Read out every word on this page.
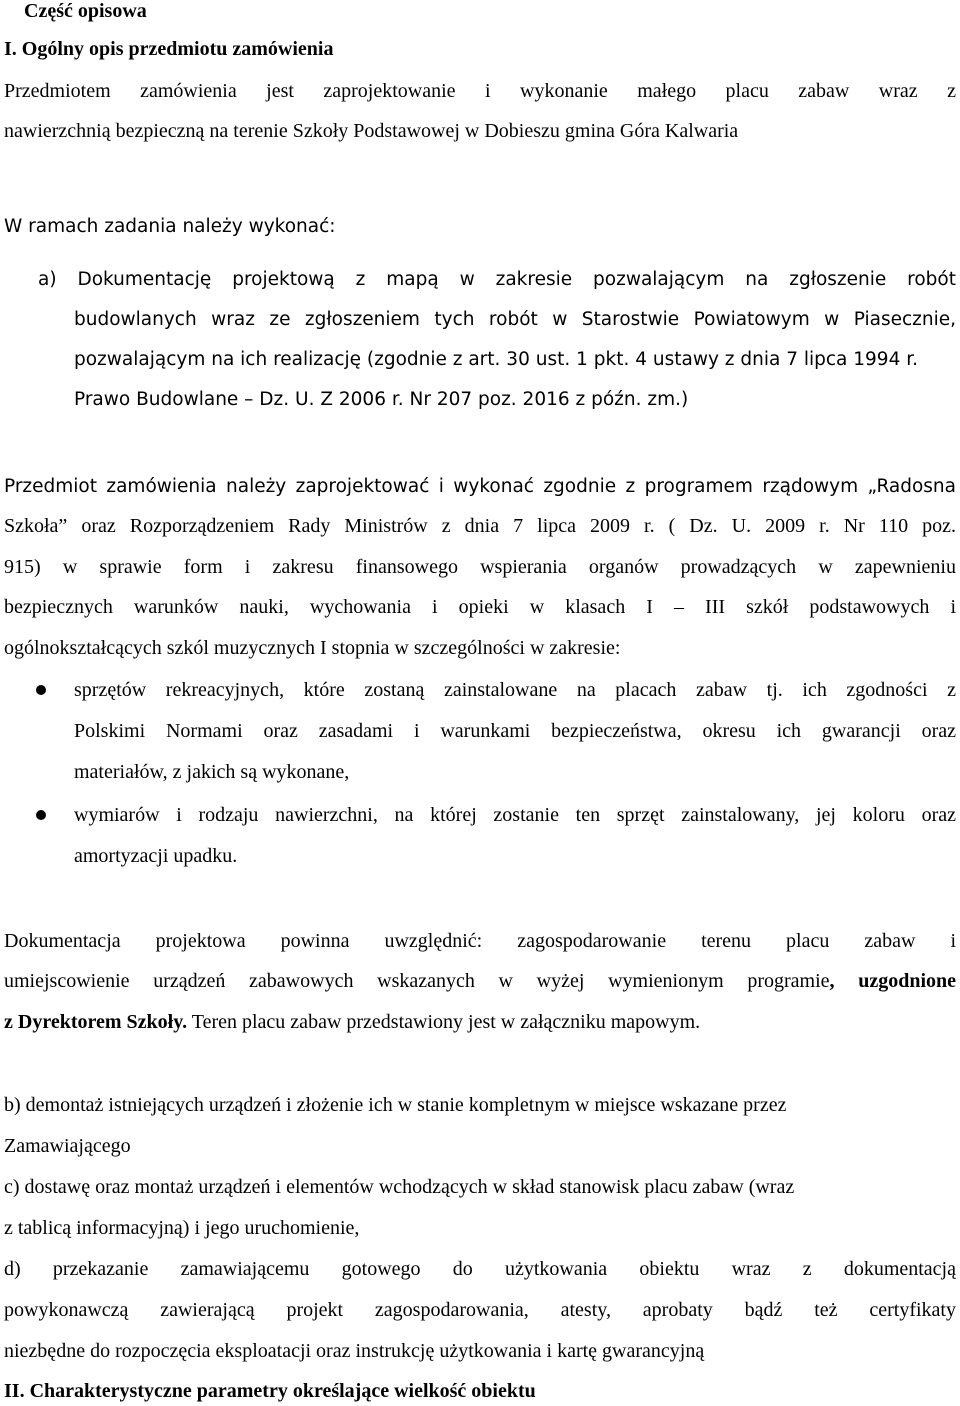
Część opisowa
I. Ogólny opis przedmiotu zamówienia
Przedmiotem zamówienia jest zaprojektowanie i wykonanie małego placu zabaw wraz z
nawierzchnią bezpieczną na terenie Szkoły Podstawowej w Dobieszu gmina Góra Kalwaria
W ramach zadania należy wykonać:
a) Dokumentację projektową z mapą w zakresie pozwalającym na zgłoszenie robót
budowlanych wraz ze zgłoszeniem tych robót w Starostwie Powiatowym w Piasecznie,
pozwalającym na ich realizację (zgodnie z art. 30 ust. 1 pkt. 4 ustawy z dnia 7 lipca 1994 r.
Prawo Budowlane – Dz. U. Z 2006 r. Nr 207 poz. 2016 z późn. zm.)
Przedmiot zamówienia należy zaprojektować i wykonać zgodnie z programem rządowym „Radosna
Szkoła” oraz Rozporządzeniem Rady Ministrów z dnia 7 lipca 2009 r. ( Dz. U. 2009 r. Nr 110 poz.
915) w sprawie form i zakresu finansowego wspierania organów prowadzących w zapewnieniu
bezpiecznych warunków nauki, wychowania i opieki w klasach I – III szkół podstawowych i
ogólnokształcących szkól muzycznych I stopnia w szczególności w zakresie:
sprzętów rekreacyjnych, które zostaną zainstalowane na placach zabaw tj. ich zgodności z
Polskimi Normami oraz zasadami i warunkami bezpieczeństwa, okresu ich gwarancji oraz
materiałów, z jakich są wykonane,
wymiarów i rodzaju nawierzchni, na której zostanie ten sprzęt zainstalowany, jej koloru oraz
amortyzacji upadku.
Dokumentacja projektowa powinna uwzględnić: zagospodarowanie terenu placu zabaw i
umiejscowienie urządzeń zabawowych wskazanych w wyżej wymienionym programie, uzgodnione
z Dyrektorem Szkoły. Teren placu zabaw przedstawiony jest w załączniku mapowym.
b) demontaż istniejących urządzeń i złożenie ich w stanie kompletnym w miejsce wskazane przez
Zamawiającego
c) dostawę oraz montaż urządzeń i elementów wchodzących w skład stanowisk placu zabaw (wraz
z tablicą informacyjną) i jego uruchomienie,
d) przekazanie zamawiającemu gotowego do użytkowania obiektu wraz z dokumentacją
powykonawczą zawierającą projekt zagospodarowania, atesty, aprobaty bądź też certyfikaty
niezbędne do rozpoczęcia eksploatacji oraz instrukcję użytkowania i kartę gwarancyjną
II. Charakterystyczne parametry określające wielkość obiektu
